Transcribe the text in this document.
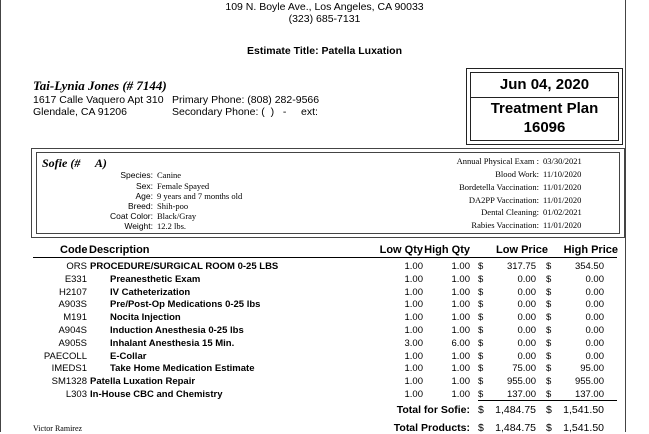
109 N. Boyle Ave., Los Angeles, CA 90033
(323) 685-7131
Estimate Title: Patella Luxation
Tai-Lynia Jones (# 7144)
1617 Calle Vaquero Apt 310
Glendale, CA 91206
Primary Phone: (808) 282-9566
Secondary Phone: (  )   -     ext:
Jun 04, 2020
Treatment Plan
16096
Sofie (#     A)
Species: Canine
Sex: Female Spayed
Age: 9 years and 7 months old
Breed: Shih-poo
Coat Color: Black/Gray
Weight: 12.2 lbs.
Annual Physical Exam : 03/30/2021
Blood Work: 11/10/2020
Bordetella Vaccination: 11/01/2020
DA2PP Vaccination: 11/01/2020
Dental Cleaning: 01/02/2021
Rabies Vaccination: 11/01/2020
Code Description	Low Qty High Qty Low Price High Price
ORS PROCEDURE/SURGICAL ROOM 0-25 LBS	1.00	1.00 $ 317.75 $ 354.50
E331 Preanesthetic Exam	1.00	1.00 $	0.00 $	0.00
H2107 IV Catheterization	1.00	1.00 $	0.00 $	0.00
A903S Pre/Post-Op Medications 0-25 lbs	1.00	1.00 $	0.00 $	0.00
M191 Nocita Injection	1.00	1.00 $	0.00 $	0.00
A904S Induction Anesthesia 0-25 lbs	1.00	1.00 $	0.00 $	0.00
A905S Inhalant Anesthesia 15 Min.	3.00	6.00 $	0.00 $	0.00
PAECOLL E-Collar	1.00	1.00 $	0.00 $	0.00
IMEDS1 Take Home Medication Estimate	1.00	1.00 $	75.00 $	95.00
SM1328 Patella Luxation Repair	1.00	1.00 $ 955.00 $ 955.00
L303 In-House CBC and Chemistry	1.00	1.00 $ 137.00 $ 137.00
Total for Sofie: $ 1,484.75 $ 1,541.50
Total Products: $ 1,484.75 $ 1,541.50
Victor Ramirez
